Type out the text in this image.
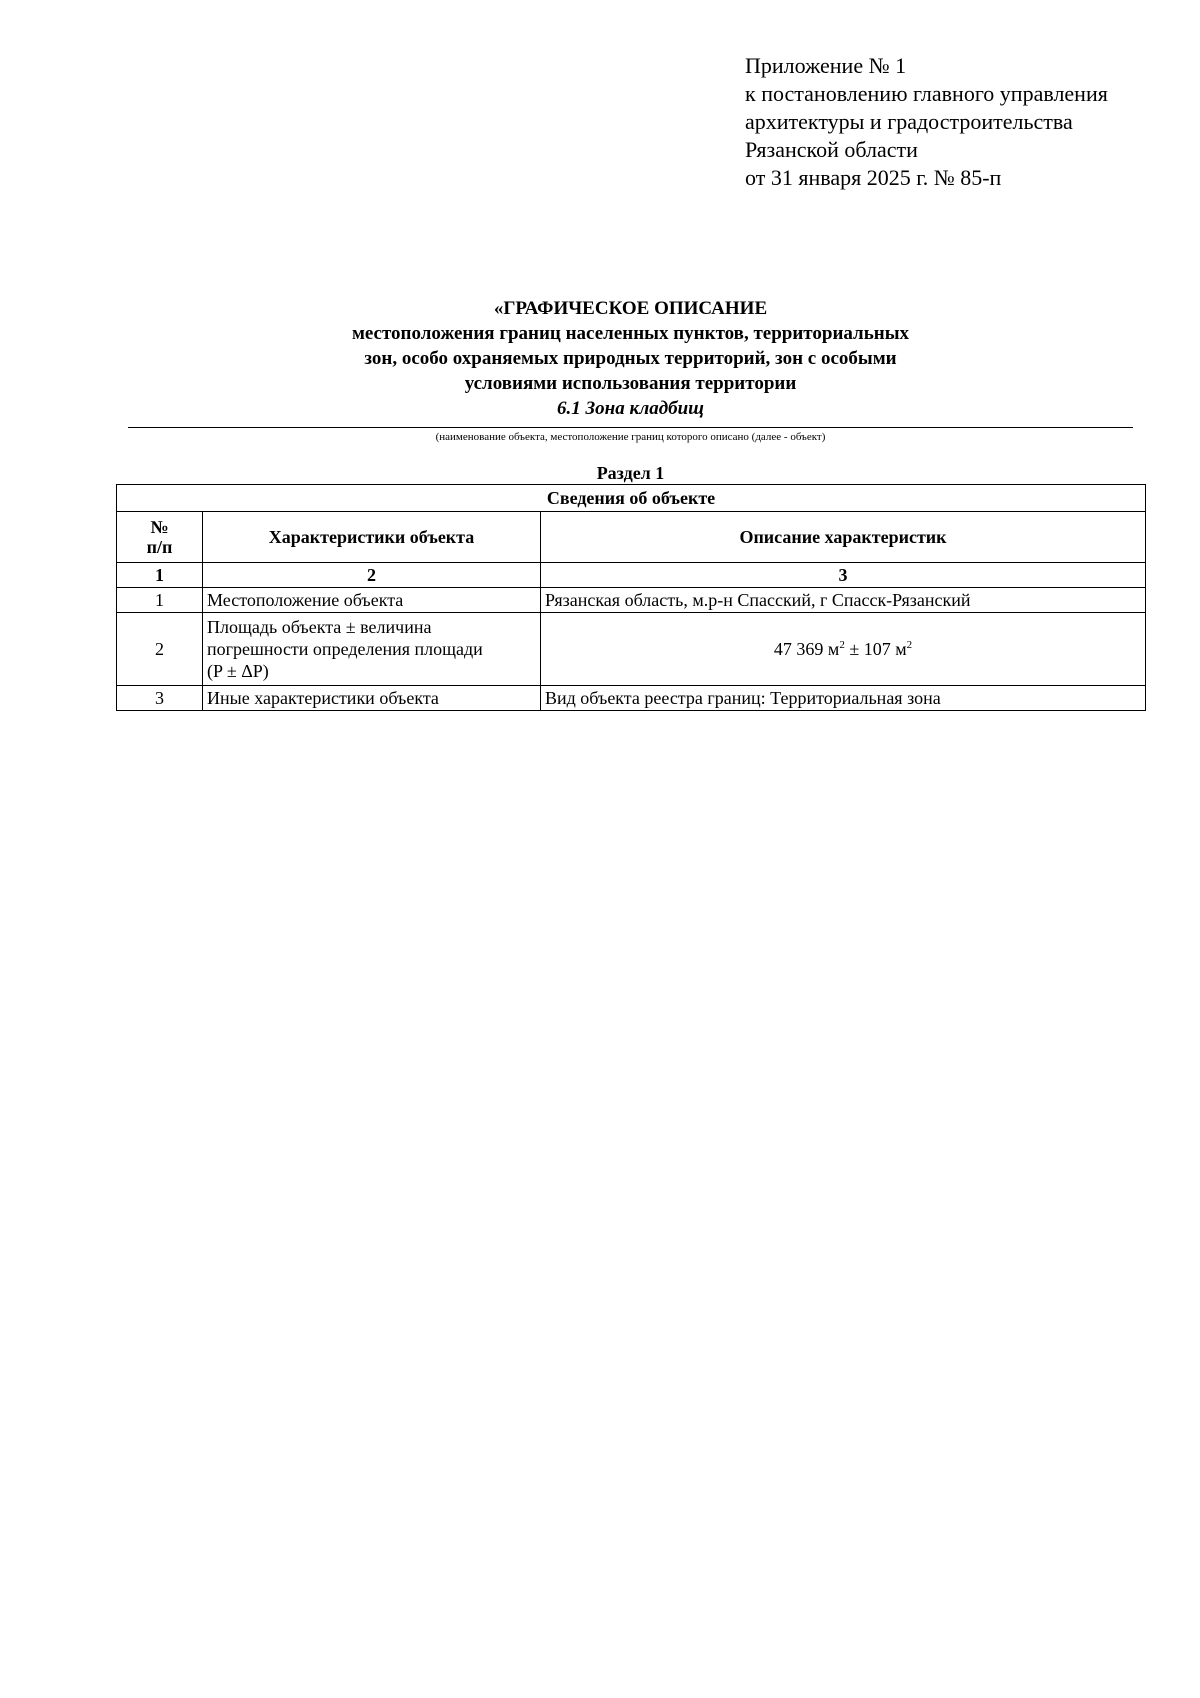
Приложение № 1
к постановлению главного управления
архитектуры и градостроительства
Рязанской области
от 31 января 2025 г. № 85-п
«ГРАФИЧЕСКОЕ ОПИСАНИЕ
местоположения границ населенных пунктов, территориальных
зон, особо охраняемых природных территорий, зон с особыми
условиями использования территории
6.1 Зона кладбищ
(наименование объекта, местоположение границ которого описано (далее - объект)
Раздел 1
Сведения об объекте		

№
п/п	Характеристики объекта	Описание характеристик
1	2	3
1	Местоположение объекта	Рязанская область, м.р-н Спасский, г Спасск-Рязанский
2	Площадь объекта ± величина
погрешности определения площади
(P ± ΔP)	47 369 $м^2 \pm 107$ $м^2$
3	Иные характеристики объекта	Вид объекта реестра границ: Территориальная зона
